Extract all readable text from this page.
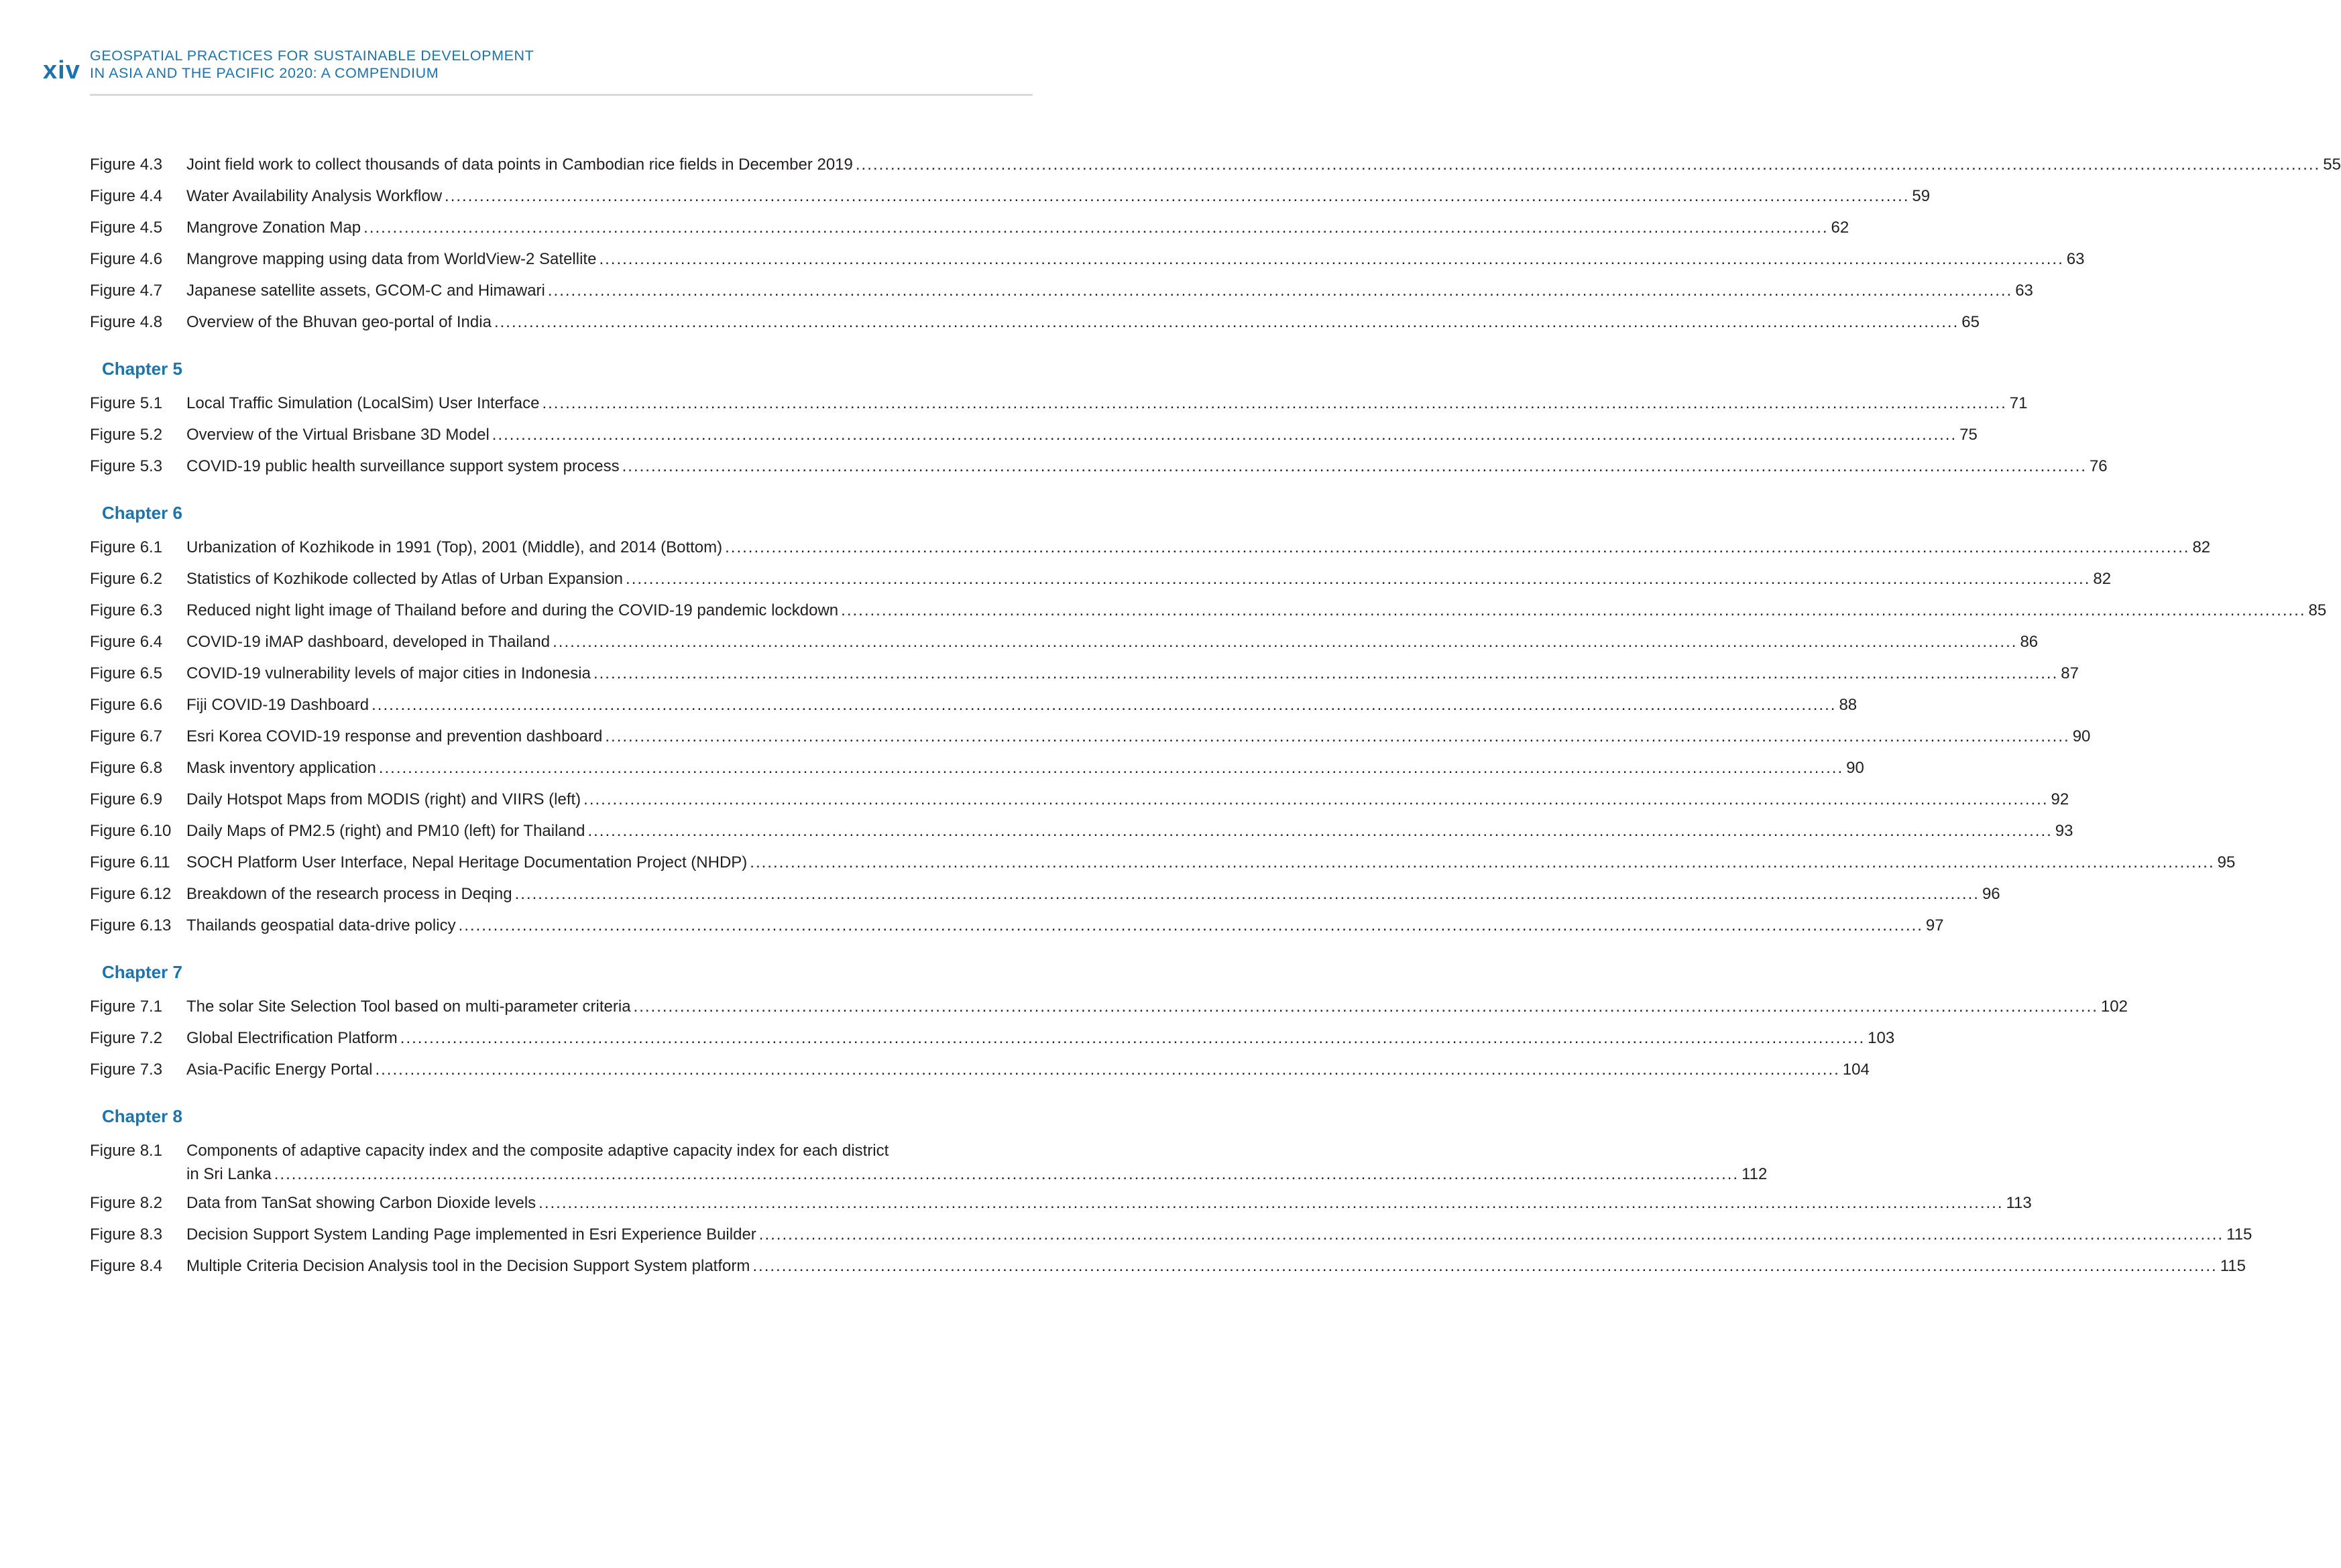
xiv
GEOSPATIAL PRACTICES FOR SUSTAINABLE DEVELOPMENT
IN ASIA AND THE PACIFIC 2020: A COMPENDIUM
Figure 4.3	Joint field work to collect thousands of data points in Cambodian rice fields in December 2019 .....	55
Figure 4.4	Water Availability Analysis Workflow .....	59
Figure 4.5	Mangrove Zonation Map .....	62
Figure 4.6	Mangrove mapping using data from WorldView-2 Satellite .....	63
Figure 4.7	Japanese satellite assets, GCOM-C and Himawari .....	63
Figure 4.8	Overview of the Bhuvan geo-portal of India .....	65
Chapter 5
Figure 5.1	Local Traffic Simulation (LocalSim) User Interface .....	71
Figure 5.2	Overview of the Virtual Brisbane 3D Model .....	75
Figure 5.3	COVID-19 public health surveillance support system process .....	76
Chapter 6
Figure 6.1	Urbanization of Kozhikode in 1991 (Top), 2001 (Middle), and 2014 (Bottom) .....	82
Figure 6.2	Statistics of Kozhikode collected by Atlas of Urban Expansion .....	82
Figure 6.3	Reduced night light image of Thailand before and during the COVID-19 pandemic lockdown .....	85
Figure 6.4	COVID-19 iMAP dashboard, developed in Thailand .....	86
Figure 6.5	COVID-19 vulnerability levels of major cities in Indonesia .....	87
Figure 6.6	Fiji COVID-19 Dashboard .....	88
Figure 6.7	Esri Korea COVID-19 response and prevention dashboard .....	90
Figure 6.8	Mask inventory application .....	90
Figure 6.9	Daily Hotspot Maps from MODIS (right) and VIIRS (left) .....	92
Figure 6.10 Daily Maps of PM2.5 (right) and PM10 (left) for Thailand .....	93
Figure 6.11	SOCH Platform User Interface, Nepal Heritage Documentation Project (NHDP) .....	95
Figure 6.12 Breakdown of the research process in Deqing .....	96
Figure 6.13 Thailands geospatial data-drive policy .....	97
Chapter 7
Figure 7.1	The solar Site Selection Tool based on multi-parameter criteria .....	102
Figure 7.2	Global Electrification Platform .....	103
Figure 7.3	Asia-Pacific Energy Portal .....	104
Chapter 8
Figure 8.1	Components of adaptive capacity index and the composite adaptive capacity index for each district
in Sri Lanka .....	112
Figure 8.2	Data from TanSat showing Carbon Dioxide levels .....	113
Figure 8.3	Decision Support System Landing Page implemented in Esri Experience Builder .....	115
Figure 8.4	Multiple Criteria Decision Analysis tool in the Decision Support System platform .....	115
